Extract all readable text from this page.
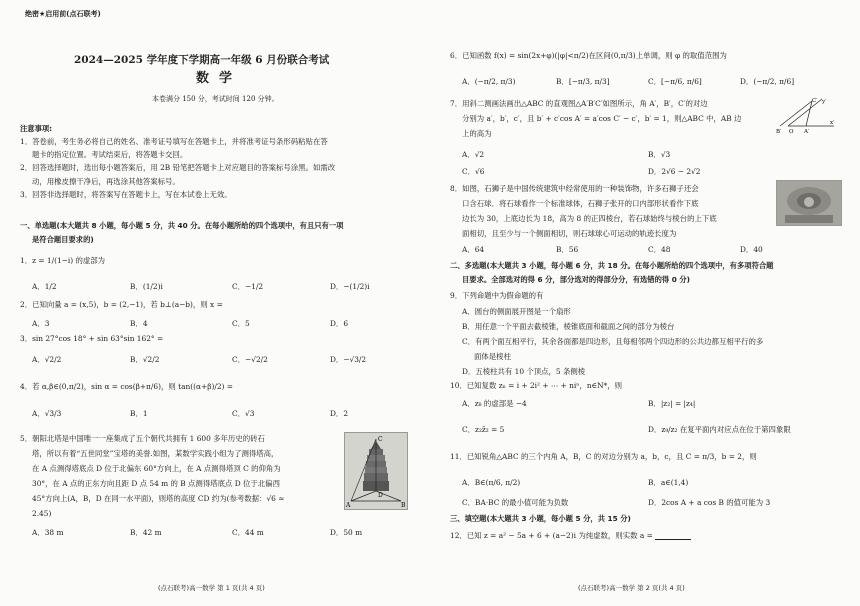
绝密★启用前(点石联考)
2024—2025 学年度下学期高一年级 6 月份联合考试
数学
本卷满分 150 分，考试时间 120 分钟。
注意事项:
1．答卷前，考生务必将自己的姓名、准考证号填写在答题卡上，并将准考证号条形码粘贴在答
题卡的指定位置。考试结束后，将答题卡交回。
2．回答选择题时，选出每小题答案后，用 2B 铅笔把答题卡上对应题目的答案标号涂黑。如需改
动，用橡皮擦干净后，再选涂其他答案标号。
3．回答非选择题时，将答案写在答题卡上，写在本试卷上无效。
一、单选题(本大题共 8 小题，每小题 5 分，共 40 分。在每小题所给的四个选项中，有且只有一项
是符合题目要求的)
1．z = 1/(1−i) 的虚部为
A．1/2	B．(1/2)i	C．−1/2	D．−(1/2)i
2．已知向量 a = (x,5)，b = (2,−1)，若 b⊥(a−b)，则 x =
A．3	B．4	C．5	D．6
3．sin 27°cos 18° + sin 63°sin 162° =
A．√2/2	B．√2/2	C．−√2/2	D．−√3/2
4．若 α,β∈(0,π/2)，sin α = cos(β+π/6)，则 tan((α+β)/2) =
A．√3/3	B．1	C．√3	D．2
5．朝阳北塔是中国唯一一座集成了五个朝代共拥有 1 600 多年历史的砖石
塔，所以有着“五世同堂”宝塔的美誉.如图，某数学实践小组为了测得塔高，
在 A 点测得塔底点 D 位于北偏东 60°方向上，在 A 点测得塔顶 C 的仰角为
30°，在 A 点的正东方向且距 D 点 54 m 的 B 点测得塔底点 D 位于北偏西
45°方向上(A，B，D 在同一水平面)，则塔的高度 CD 约为(参考数据：√6 ≈
2.45)
C
A
D
B
A．38 m	B．42 m	C．44 m	D．50 m
(点石联考)高一数学 第 1 页(共 4 页)
6．已知函数 f(x) = sin(2x+φ)(|φ|<π/2)在区间(0,π/3)上单调，则 φ 的取值范围为
A．(−π/2, π/3)	B．[−π/3, π/3]	C．[−π/6, π/6]	D．(−π/2, π/6]
7．用斜二测画法画出△ABC 的直观图△A′B′C′如图所示，角 A′，B′，C′的对边
分别为 a′，b′，c′，且 b′ + c′cos A′ = a′cos C′ − c′，b′ = 1，则△ABC 中，AB 边
上的高为
C′ y′
B′ O A′
x′
A．√2	B．√3
C．√6	D．2√6 − 2√2
8．如图，石狮子是中国传统建筑中经常使用的一种装饰物，许多石狮子还会
口含石球．将石球看作一个标准球体，石狮子张开的口内部形状看作下底
边长为 30，上底边长为 18，高为 8 的正四棱台，若石球始终与棱台的上下底
面相切，且至少与一个侧面相切，则石球球心可运动的轨迹长度为
A．64	B．56	C．48	D．40
二、多选题(本大题共 3 小题，每小题 6 分，共 18 分。在每小题所给的四个选项中，有多项符合题
目要求。全部选对的得 6 分，部分选对的得部分分，有选错的得 0 分)
9．下列命题中为假命题的有
A．圆台的侧面展开图是一个扇形
B．用任意一个平面去截棱锥，棱锥底面和截面之间的部分为棱台
C．有两个面互相平行，其余各面都是四边形，且每相邻两个四边形的公共边都互相平行的多
面体是棱柱
D．五棱柱共有 10 个顶点，5 条侧棱
10．已知复数 zₙ = i + 2i² + ⋯ + niⁿ，n∈N*，则
A．z₈ 的虚部是 −4	B．|z₂| = |z₄|
C．z₂z̄₂ = 5	D．z₉/z₂ 在复平面内对应点在位于第四象限
11．已知锐角△ABC 的三个内角 A，B，C 的对边分别为 a，b，c，且 C = π/3，b = 2，则
A．B∈(π/6, π/2)	B．a∈(1,4)
C．BA·BC 的最小值可能为负数	D．2cos A + a cos B 的值可能为 3
三、填空题(本大题共 3 小题，每小题 5 分，共 15 分)
12．已知 z = a² − 5a + 6 + (a−2)i 为纯虚数，则实数 a =
(点石联考)高一数学 第 2 页(共 4 页)
